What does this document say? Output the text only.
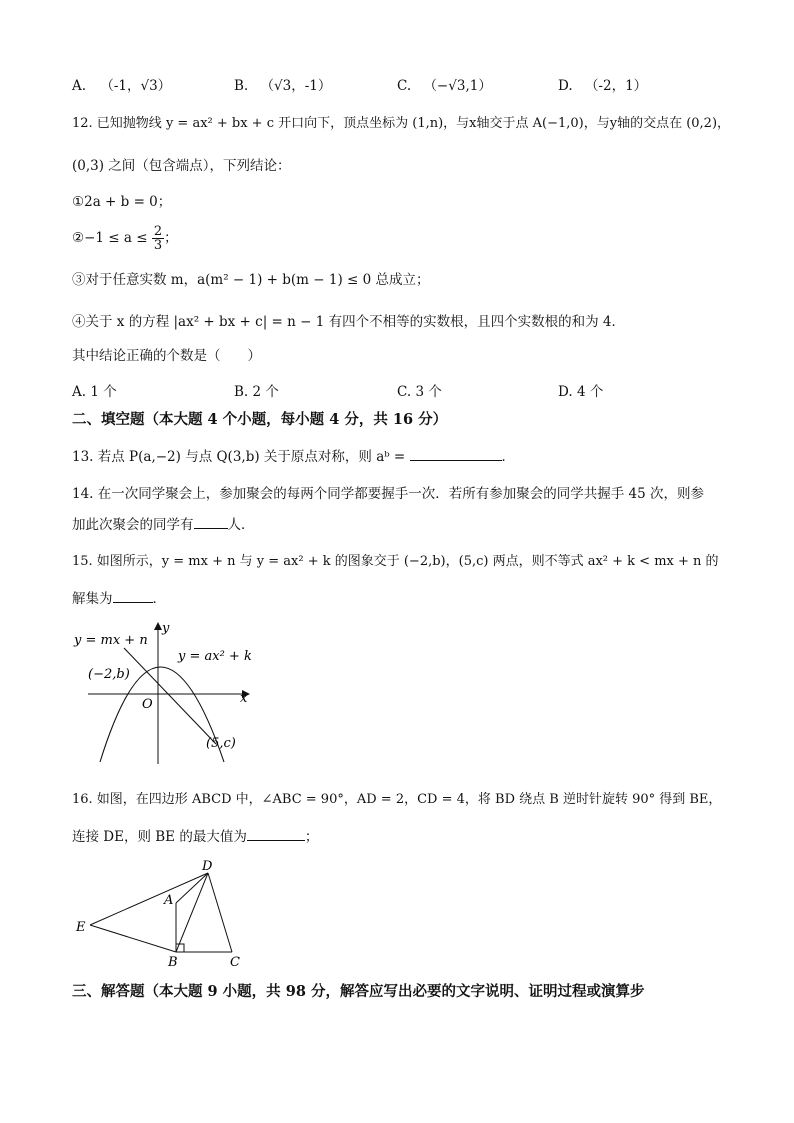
A. （-1，√3）	B. （√3，-1）	C. （−√3,1）	D. （-2，1）
12. 已知抛物线 y = ax² + bx + c 开口向下，顶点坐标为 (1,n)，与x轴交于点 A(−1,0)，与y轴的交点在 (0,2)，
(0,3) 之间（包含端点），下列结论：
①2a + b = 0；
②−1 ≤ $a \le \frac{2}{3}$ ；
③对于任意实数 m，a(m² − 1) + b(m − 1) ≤ 0 总成立；
④关于 x 的方程 |ax² + bx + c| = n − 1 有四个不相等的实数根，且四个实数根的和为 4．
其中结论正确的个数是（　　）
A. 1 个	B. 2 个	C. 3 个	D. 4 个
二、填空题（本大题 4 个小题，每小题 4 分，共 16 分）
13. 若点 P(a,−2) 与点 Q(3,b) 关于原点对称，则 aᵇ =	．
14. 在一次同学聚会上，参加聚会的每两个同学都要握手一次．若所有参加聚会的同学共握手 45 次，则参
加此次聚会的同学有	人．
15. 如图所示，y = mx + n 与 y = ax² + k 的图象交于 (−2,b)，(5,c) 两点，则不等式 ax² + k < mx + n 的
解集为	．
y = mx + n
y = ax² + k
(−2,b)
(5,c)
O	x
y
16. 如图，在四边形 ABCD 中，∠ABC = 90°，AD = 2，CD = 4，将 BD 绕点 B 逆时针旋转 90° 得到 BE，
连接 DE，则 BE 的最大值为	；
D
A
B	C
E
三、解答题（本大题 9 小题，共 98 分，解答应写出必要的文字说明、证明过程或演算步
